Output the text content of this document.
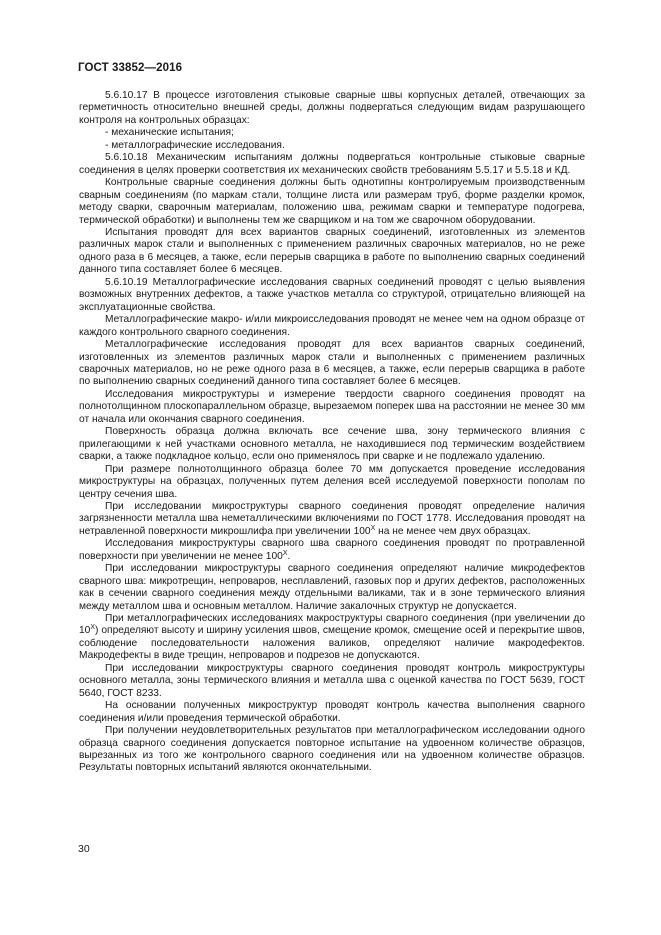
ГОСТ 33852—2016

5.6.10.17 В процессе изготовления стыковые сварные швы корпусных деталей, отвечающих за герметичность относительно внешней среды, должны подвергаться следующим видам разрушающего контроля на контрольных образцах:

- механические испытания;

- металлографические исследования.

5.6.10.18 Механическим испытаниям должны подвергаться контрольные стыковые сварные соединения в целях проверки соответствия их механических свойств требованиям 5.5.17 и 5.5.18 и КД.

Контрольные сварные соединения должны быть однотипны контролируемым производственным сварным соединениям (по маркам стали, толщине листа или размерам труб, форме разделки кромок, методу сварки, сварочным материалам, положению шва, режимам сварки и температуре подогрева, термической обработки) и выполнены тем же сварщиком и на том же сварочном оборудовании.

Испытания проводят для всех вариантов сварных соединений, изготовленных из элементов различных марок стали и выполненных с применением различных сварочных материалов, но не реже одного раза в 6 месяцев, а также, если перерыв сварщика в работе по выполнению сварных соединений данного типа составляет более 6 месяцев.

5.6.10.19 Металлографические исследования сварных соединений проводят с целью выявления возможных внутренних дефектов, а также участков металла со структурой, отрицательно влияющей на эксплуатационные свойства.

Металлографические макро- и/или микроисследования проводят не менее чем на одном образце от каждого контрольного сварного соединения.

Металлографические исследования проводят для всех вариантов сварных соединений, изготовленных из элементов различных марок стали и выполненных с применением различных сварочных материалов, но не реже одного раза в 6 месяцев, а также, если перерыв сварщика в работе по выполнению сварных соединений данного типа составляет более 6 месяцев.

Исследования микроструктуры и измерение твердости сварного соединения проводят на полнотолщинном плоскопараллельном образце, вырезаемом поперек шва на расстоянии не менее 30 мм от начала или окончания сварного соединения.

Поверхность образца должна включать все сечение шва, зону термического влияния с прилегающими к ней участками основного металла, не находившиеся под термическим воздействием сварки, а также подкладное кольцо, если оно применялось при сварке и не подлежало удалению.

При размере полнотолщинного образца более 70 мм допускается проведение исследования микроструктуры на образцах, полученных путем деления всей исследуемой поверхности пополам по центру сечения шва.

При исследовании микроструктуры сварного соединения проводят определение наличия загрязненности металла шва неметаллическими включениями по ГОСТ 1778. Исследования проводят на нетравленной поверхности микрошлифа при увеличении $100^X$ на не менее чем двух образцах.

Исследования микроструктуры сварного шва сварного соединения проводят по протравленной поверхности при увеличении не менее $100^X$.

При исследовании микроструктуры сварного соединения определяют наличие микродефектов сварного шва: микротрещин, непроваров, несплавлений, газовых пор и других дефектов, расположенных как в сечении сварного соединения между отдельными валиками, так и в зоне термического влияния между металлом шва и основным металлом. Наличие закалочных структур не допускается.

При металлографических исследованиях макроструктуры сварного соединения (при увеличении до $10^X$) определяют высоту и ширину усиления швов, смещение кромок, смещение осей и перекрытие швов, соблюдение последовательности наложения валиков, определяют наличие макродефектов. Макродефекты в виде трещин, непроваров и подрезов не допускаются.

При исследовании микроструктуры сварного соединения проводят контроль микроструктуры основного металла, зоны термического влияния и металла шва с оценкой качества по ГОСТ 5639, ГОСТ 5640, ГОСТ 8233.

На основании полученных микроструктур проводят контроль качества выполнения сварного соединения и/или проведения термической обработки.

При получении неудовлетворительных результатов при металлографическом исследовании одного образца сварного соединения допускается повторное испытание на удвоенном количестве образцов, вырезанных из того же контрольного сварного соединения или на удвоенном количестве образцов. Результаты повторных испытаний являются окончательными.

30
